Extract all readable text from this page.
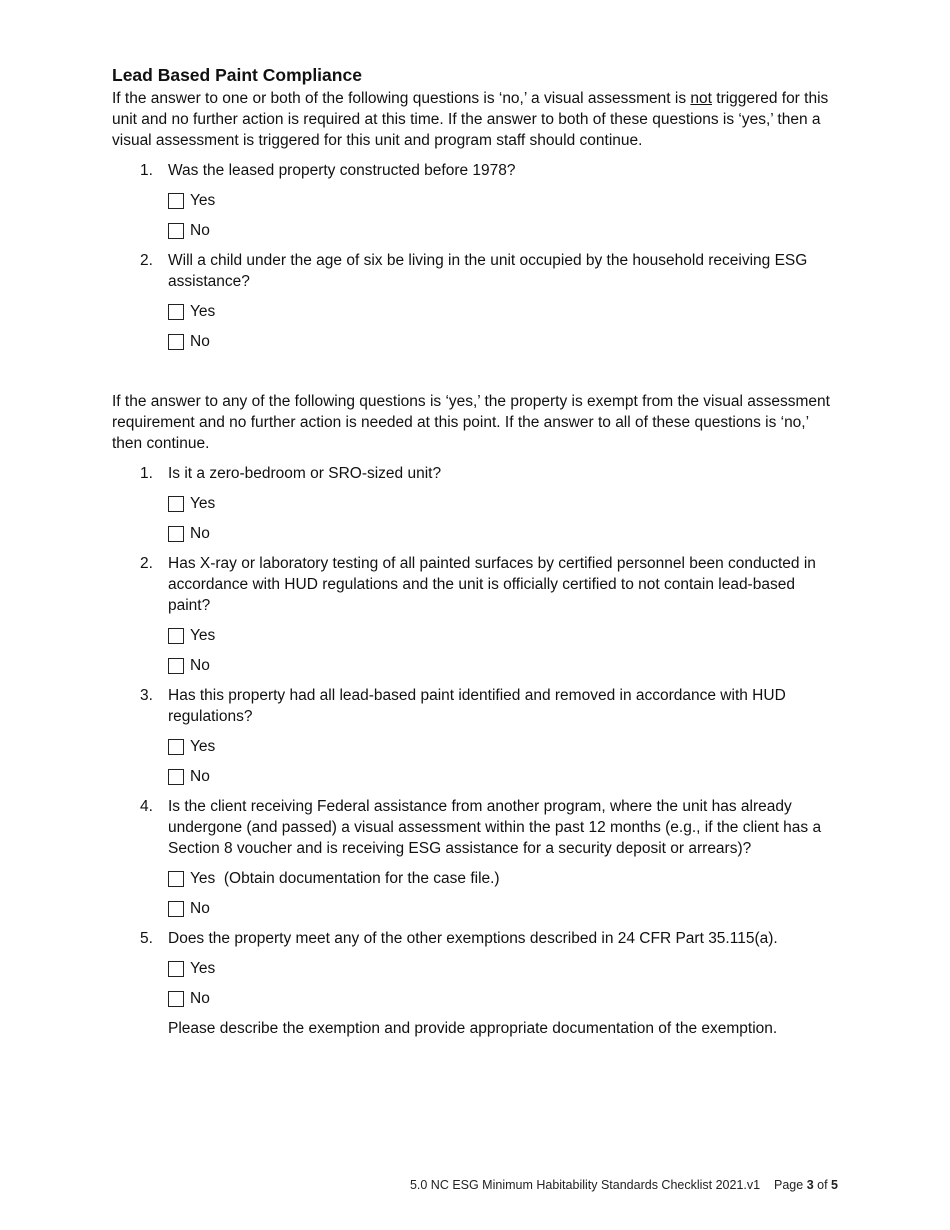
Lead Based Paint Compliance

If the answer to one or both of the following questions is ‘no,’ a visual assessment is not triggered for this unit and no further action is required at this time. If the answer to both of these questions is ‘yes,’ then a visual assessment is triggered for this unit and program staff should continue.

1. Was the leased property constructed before 1978?
Yes
No
2. Will a child under the age of six be living in the unit occupied by the household receiving ESG assistance?
Yes
No

If the answer to any of the following questions is ‘yes,’ the property is exempt from the visual assessment requirement and no further action is needed at this point. If the answer to all of these questions is ‘no,’ then continue.

1. Is it a zero-bedroom or SRO-sized unit?
Yes
No
2. Has X-ray or laboratory testing of all painted surfaces by certified personnel been conducted in accordance with HUD regulations and the unit is officially certified to not contain lead-based paint?
Yes
No
3. Has this property had all lead-based paint identified and removed in accordance with HUD regulations?
Yes
No
4. Is the client receiving Federal assistance from another program, where the unit has already undergone (and passed) a visual assessment within the past 12 months (e.g., if the client has a Section 8 voucher and is receiving ESG assistance for a security deposit or arrears)?
Yes  (Obtain documentation for the case file.)
No
5. Does the property meet any of the other exemptions described in 24 CFR Part 35.115(a).
Yes
No
Please describe the exemption and provide appropriate documentation of the exemption.
5.0 NC ESG Minimum Habitability Standards Checklist 2021.v1 Page 3 of 5
